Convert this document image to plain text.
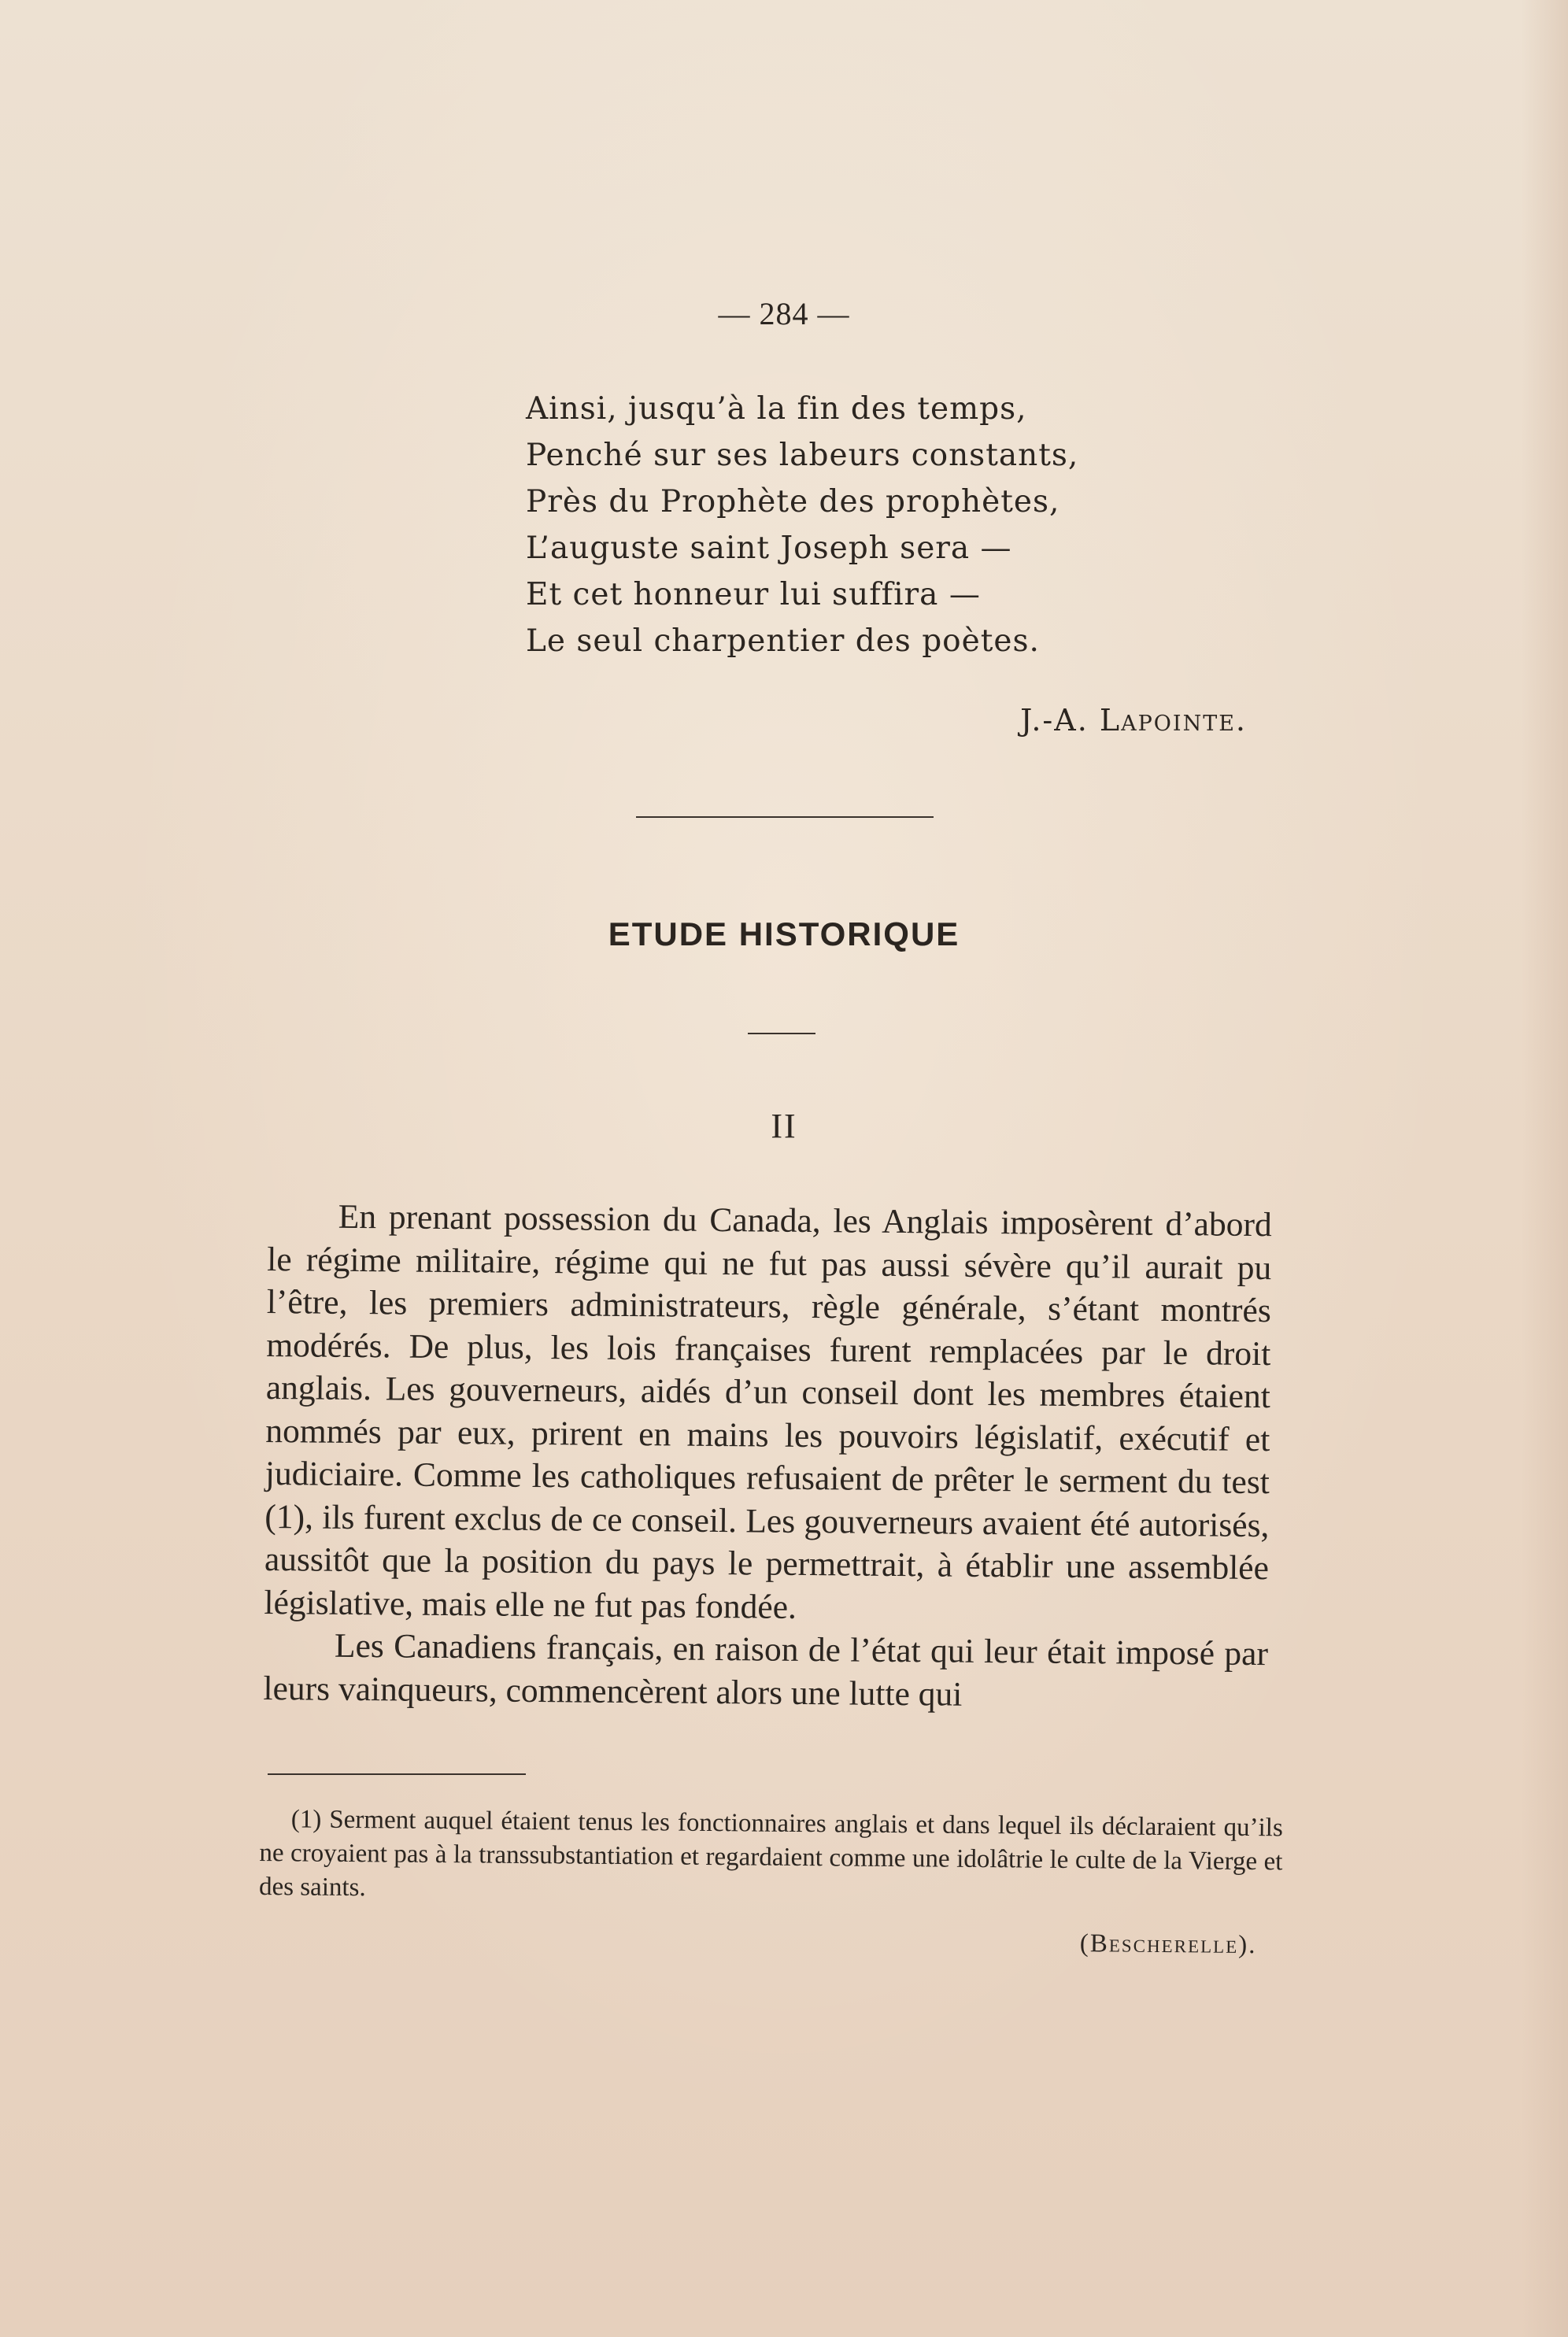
— 284 —
Ainsi, jusqu’à la fin des temps,
Penché sur ses labeurs constants,
Près du Prophète des prophètes,
L’auguste saint Joseph sera —
Et cet honneur lui suffira —
Le seul charpentier des poètes.
J.-A. Lapointe.
ETUDE HISTORIQUE
II

En prenant possession du Canada, les Anglais imposèrent d’abord le régime militaire, régime qui ne fut pas aussi sévère qu’il aurait pu l’être, les premiers administrateurs, règle générale, s’étant montrés modérés. De plus, les lois françaises furent remplacées par le droit anglais. Les gouverneurs, aidés d’un conseil dont les membres étaient nommés par eux, prirent en mains les pouvoirs législatif, exécutif et judiciaire. Comme les catholiques refusaient de prêter le serment du test (1), ils furent exclus de ce conseil. Les gouverneurs avaient été autorisés, aussitôt que la position du pays le permettrait, à établir une assemblée législative, mais elle ne fut pas fondée.

Les Canadiens français, en raison de l’état qui leur était imposé par leurs vainqueurs, commencèrent alors une lutte qui

(1) Serment auquel étaient tenus les fonctionnaires anglais et dans lequel ils déclaraient qu’ils ne croyaient pas à la transsubstantiation et regardaient comme une idolâtrie le culte de la Vierge et des saints.

(Bescherelle).
